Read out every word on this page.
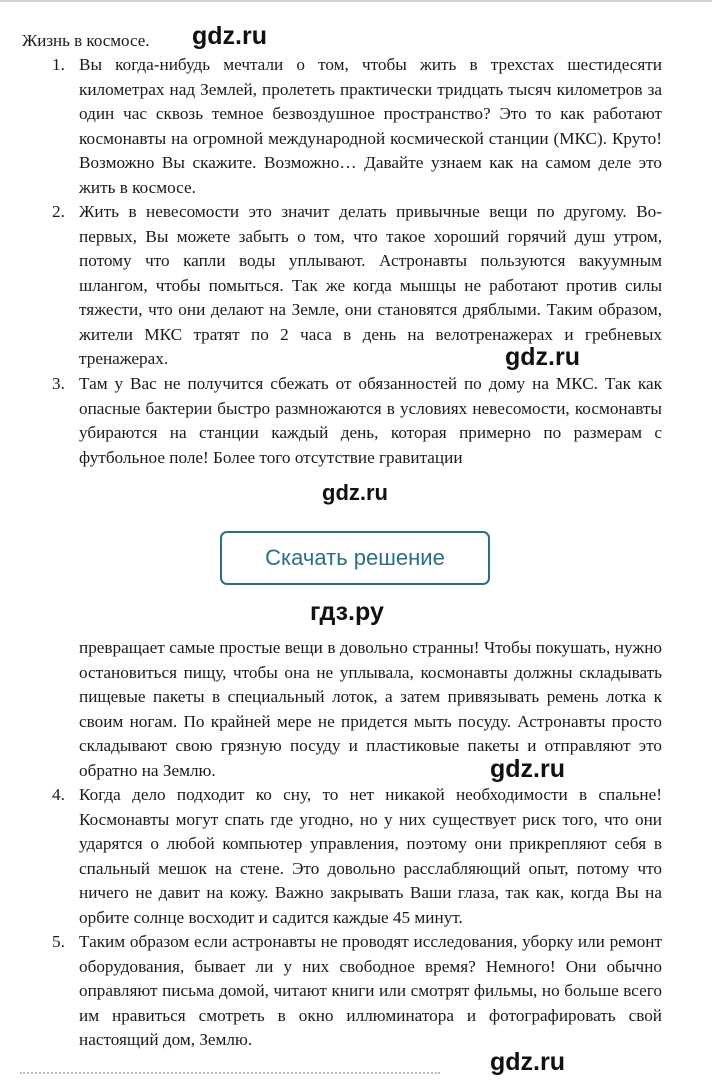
Жизнь в космосе. gdz.ru
1. Вы когда-нибудь мечтали о том, чтобы жить в трехстах шестидесяти километрах над Землей, пролететь практически тридцать тысяч километров за один час сквозь темное безвоздушное пространство? Это то как работают космонавты на огромной международной космической станции (МКС). Круто! Возможно Вы скажите. Возможно… Давайте узнаем как на самом деле это жить в космосе.
2. Жить в невесомости это значит делать привычные вещи по другому. Во-первых, Вы можете забыть о том, что такое хороший горячий душ утром, потому что капли воды уплывают. Астронавты пользуются вакуумным шлангом, чтобы помыться. Так же когда мышцы не работают против силы тяжести, что они делают на Земле, они становятся дряблыми. Таким образом, жители МКС тратят по 2 часа в день на велотренажерах и гребневых тренажерах.	gdz.ru
3. Там у Вас не получится сбежать от обязанностей по дому на МКС. Так как опасные бактерии быстро размножаются в условиях невесомости, космонавты убираются на станции каждый день, которая примерно по размерам с футбольное поле! Более того отсутствие гравитации
gdz.ru
Скачать решение
гдз.ру
превращает самые простые вещи в довольно странны! Чтобы покушать, нужно остановиться пищу, чтобы она не уплывала, космонавты должны складывать пищевые пакеты в специальный лоток, а затем привязывать ремень лотка к своим ногам. По крайней мере не придется мыть посуду. Астронавты просто складывают свою грязную посуду и пластиковые пакеты и отправляют это обратно на Землю.	gdz.ru
4. Когда дело подходит ко сну, то нет никакой необходимости в спальне! Космонавты могут спать где угодно, но у них существует риск того, что они ударятся о любой компьютер управления, поэтому они прикрепляют себя в спальный мешок на стене. Это довольно расслабляющий опыт, потому что ничего не давит на кожу. Важно закрывать Ваши глаза, так как, когда Вы на орбите солнце восходит и садится каждые 45 минут.
5. Таким образом если астронавты не проводят исследования, уборку или ремонт оборудования, бывает ли у них свободное время? Немного! Они обычно оправляют письма домой, читают книги или смотрят фильмы, но больше всего им нравиться смотреть в окно иллюминатора и фотографировать свой настоящий дом, Землю.
gdz.ru
